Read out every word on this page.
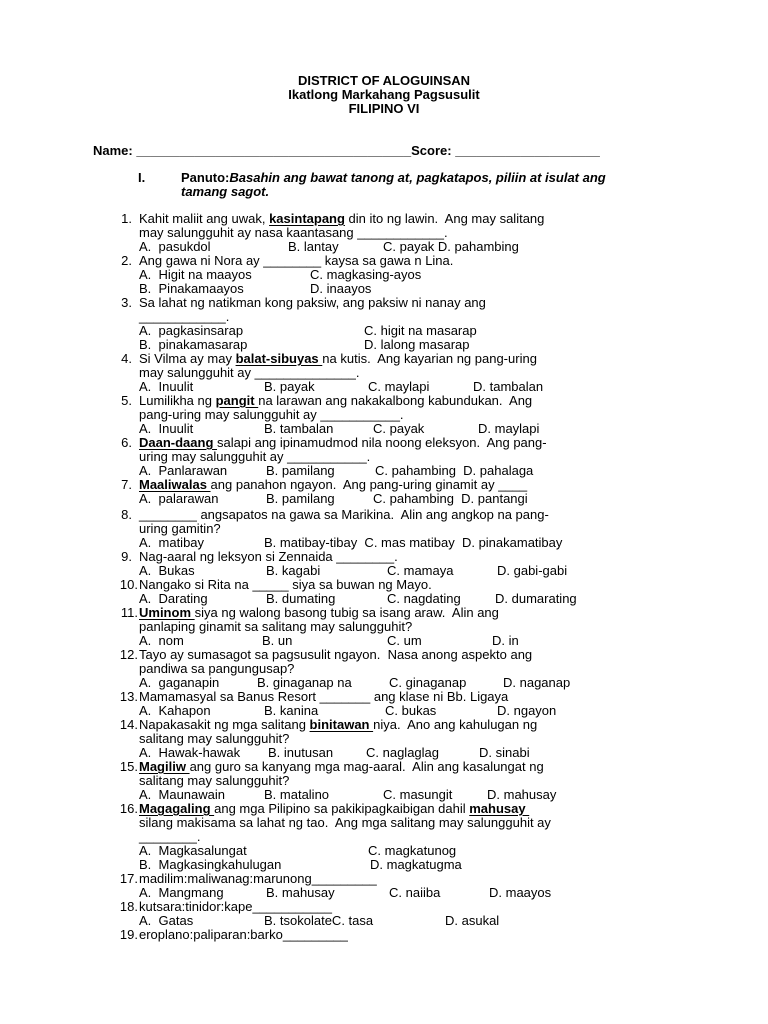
DISTRICT OF ALOGUINSAN
Ikatlong Markahang Pagsusulit
FILIPINO VI
Name: ______________________________________Score: ____________________
I.	Panuto:Basahin ang bawat tanong at, pagkatapos, piliin at isulat ang
tamang sagot.
1. Kahit maliit ang uwak, kasintapang din ito ng lawin.  Ang may salitang
may salungguhit ay nasa kaantasang ____________.
A.  pasukdol	B. lantay	C. payak D. pahambing
2. Ang gawa ni Nora ay ________ kaysa sa gawa n Lina.
A.  Higit na maayos	C. magkasing-ayos
B.  Pinakamaayos	D. inaayos
3. Sa lahat ng natikman kong paksiw, ang paksiw ni nanay ang
____________.
A.  pagkasinsarap	C. higit na masarap
B.  pinakamasarap	D. lalong masarap
4. Si Vilma ay may balat-sibuyas na kutis.  Ang kayarian ng pang-uring
may salungguhit ay ______________.
A.  Inuulit	B. payak	C. maylapi	D. tambalan
5. Lumilikha ng pangit na larawan ang nakakalbong kabundukan.  Ang
pang-uring may salungguhit ay ___________.
A.  Inuulit	B. tambalan	C. payak	D. maylapi
6. Daan-daang salapi ang ipinamudmod nila noong eleksyon.  Ang pang-
uring may salungguhit ay ___________.
A.  Panlarawan	B. pamilang	C. pahambing  D. pahalaga
7. Maaliwalas ang panahon ngayon.  Ang pang-uring ginamit ay ____
A.  palarawan	B. pamilang	C. pahambing  D. pantangi
8. ________ angsapatos na gawa sa Marikina.  Alin ang angkop na pang-
uring gamitin?
A.  matibay	B. matibay-tibay  C. mas matibay  D. pinakamatibay
9. Nag-aaral ng leksyon si Zennaida ________.
A.  Bukas	B. kagabi	C. mamaya	D. gabi-gabi
10. Nangako si Rita na _____ siya sa buwan ng Mayo.
A.  Darating	B. dumating	C. nagdating	D. dumarating
11. Uminom siya ng walong basong tubig sa isang araw.  Alin ang
panlaping ginamit sa salitang may salungguhit?
A.  nom	B. un	C. um	D. in
12. Tayo ay sumasagot sa pagsusulit ngayon.  Nasa anong aspekto ang
pandiwa sa pangungusap?
A.  gaganapin	B. ginaganap na	C. ginaganap	D. naganap
13. Mamamasyal sa Banus Resort _______ ang klase ni Bb. Ligaya
A.  Kahapon	B. kanina	C. bukas	D. ngayon
14. Napakasakit ng mga salitang binitawan niya.  Ano ang kahulugan ng
salitang may salungguhit?
A.  Hawak-hawak B. inutusan	C. naglaglag	D. sinabi
15. Magiliw ang guro sa kanyang mga mag-aaral.  Alin ang kasalungat ng
salitang may salungguhit?
A.  Maunawain	B. matalino	C. masungit	D. mahusay
16. Magagaling ang mga Pilipino sa pakikipagkaibigan dahil mahusay
silang makisama sa lahat ng tao.  Ang mga salitang may salungguhit ay
________.
A.  Magkasalungat	C. magkatunog
B.  Magkasingkahulugan	D. magkatugma
17. madilim:maliwanag:marunong_________
A.  Mangmang	B. mahusay	C. naiiba	D. maayos
18. kutsara:tinidor:kape___________
A.  Gatas	B. tsokolateC. tasa	D. asukal
19. eroplano:paliparan:barko_________
